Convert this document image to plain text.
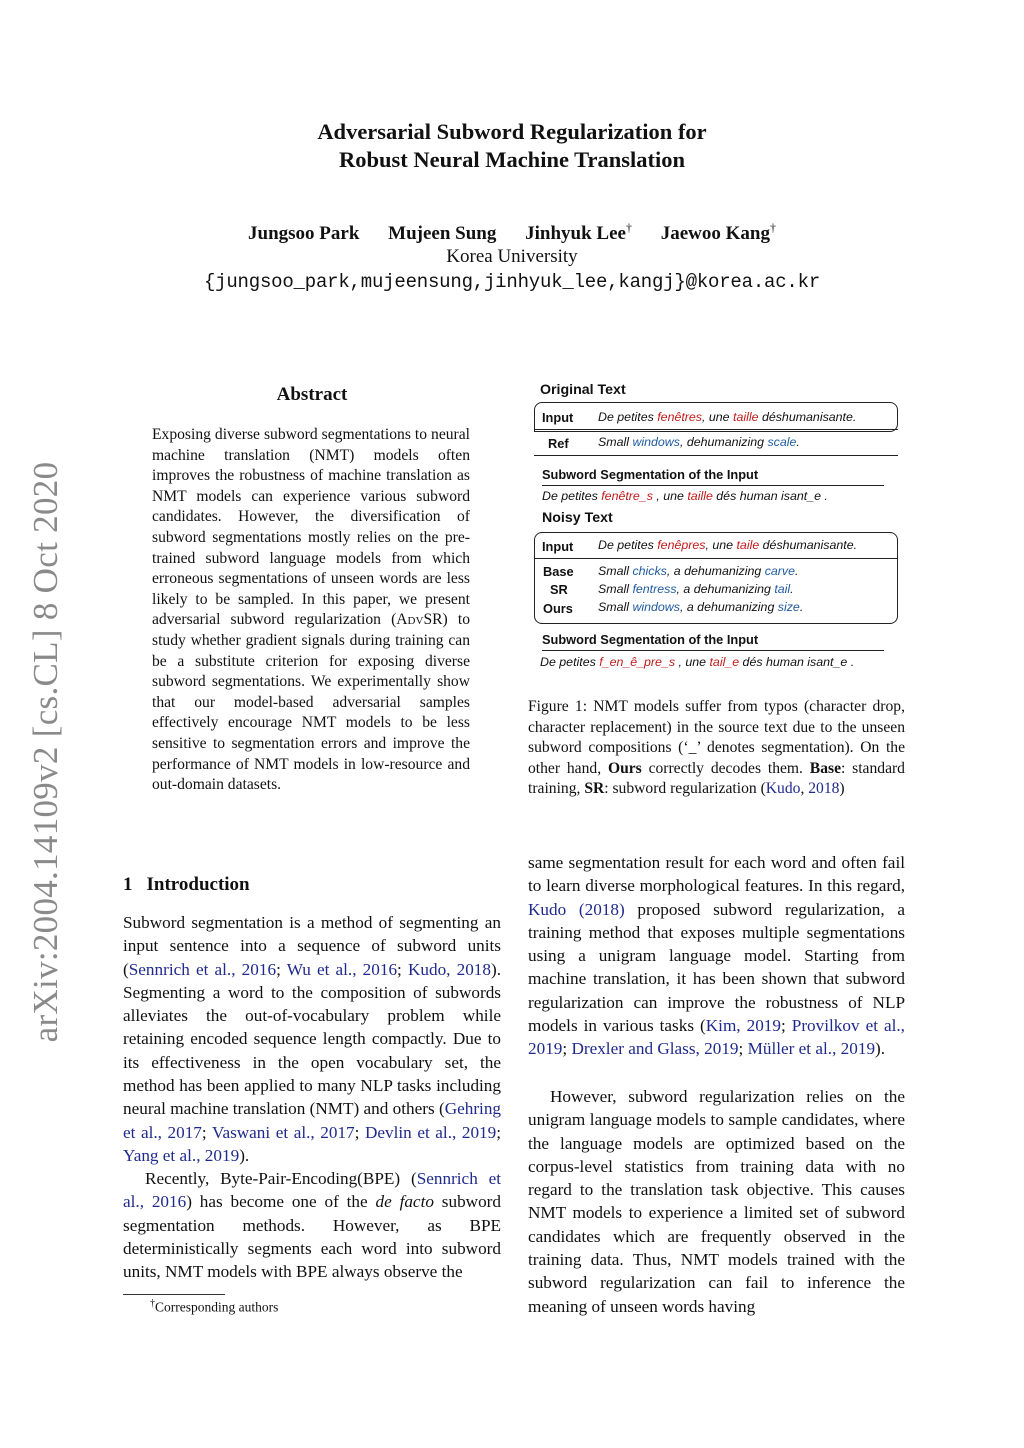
arXiv:2004.14109v2 [cs.CL] 8 Oct 2020
Adversarial Subword Regularization for
Robust Neural Machine Translation
Jungsoo Park Mujeen Sung Jinhyuk Lee† Jaewoo Kang†
Korea University
{jungsoo_park,mujeensung,jinhyuk_lee,kangj}@korea.ac.kr
Abstract
Exposing diverse subword segmentations to neural machine translation (NMT) models often improves the robustness of machine translation as NMT models can experience various subword candidates. However, the diversification of subword segmentations mostly relies on the pre-trained subword language models from which erroneous segmentations of unseen words are less likely to be sampled. In this paper, we present adversarial subword regularization (AdvSR) to study whether gradient signals during training can be a substitute criterion for exposing diverse subword segmentations. We experimentally show that our model-based adversarial samples effectively encourage NMT models to be less sensitive to segmentation errors and improve the performance of NMT models in low-resource and out-domain datasets.
Original Text
Input De petites fenêtres, une taille déshumanisante.
Ref Small windows, dehumanizing scale.
Subword Segmentation of the Input
De petites fenêtre_s , une taille dés human isant_e .
Noisy Text
Input De petites fenêpres, une taile déshumanisante.
Base Small chicks, a dehumanizing carve.
SR Small fentress, a dehumanizing tail.
Ours Small windows, a dehumanizing size.
Subword Segmentation of the Input
De petites f_en_ê_pre_s , une tail_e dés human isant_e .
Figure 1: NMT models suffer from typos (character drop, character replacement) in the source text due to the unseen subword compositions (‘_’ denotes segmentation). On the other hand, Ours correctly decodes them. Base: standard training, SR: subword regularization (Kudo, 2018)
1 Introduction

Subword segmentation is a method of segmenting an input sentence into a sequence of subword units (Sennrich et al., 2016; Wu et al., 2016; Kudo, 2018). Segmenting a word to the composition of subwords alleviates the out-of-vocabulary problem while retaining encoded sequence length compactly. Due to its effectiveness in the open vocabulary set, the method has been applied to many NLP tasks including neural machine translation (NMT) and others (Gehring et al., 2017; Vaswani et al., 2017; Devlin et al., 2019; Yang et al., 2019).

Recently, Byte-Pair-Encoding(BPE) (Sennrich et al., 2016) has become one of the de facto subword segmentation methods. However, as BPE deterministically segments each word into subword units, NMT models with BPE always observe the

†Corresponding authors

same segmentation result for each word and often fail to learn diverse morphological features. In this regard, Kudo (2018) proposed subword regularization, a training method that exposes multiple segmentations using a unigram language model. Starting from machine translation, it has been shown that subword regularization can improve the robustness of NLP models in various tasks (Kim, 2019; Provilkov et al., 2019; Drexler and Glass, 2019; Müller et al., 2019).

However, subword regularization relies on the unigram language models to sample candidates, where the language models are optimized based on the corpus-level statistics from training data with no regard to the translation task objective. This causes NMT models to experience a limited set of subword candidates which are frequently observed in the training data. Thus, NMT models trained with the subword regularization can fail to inference the meaning of unseen words having
